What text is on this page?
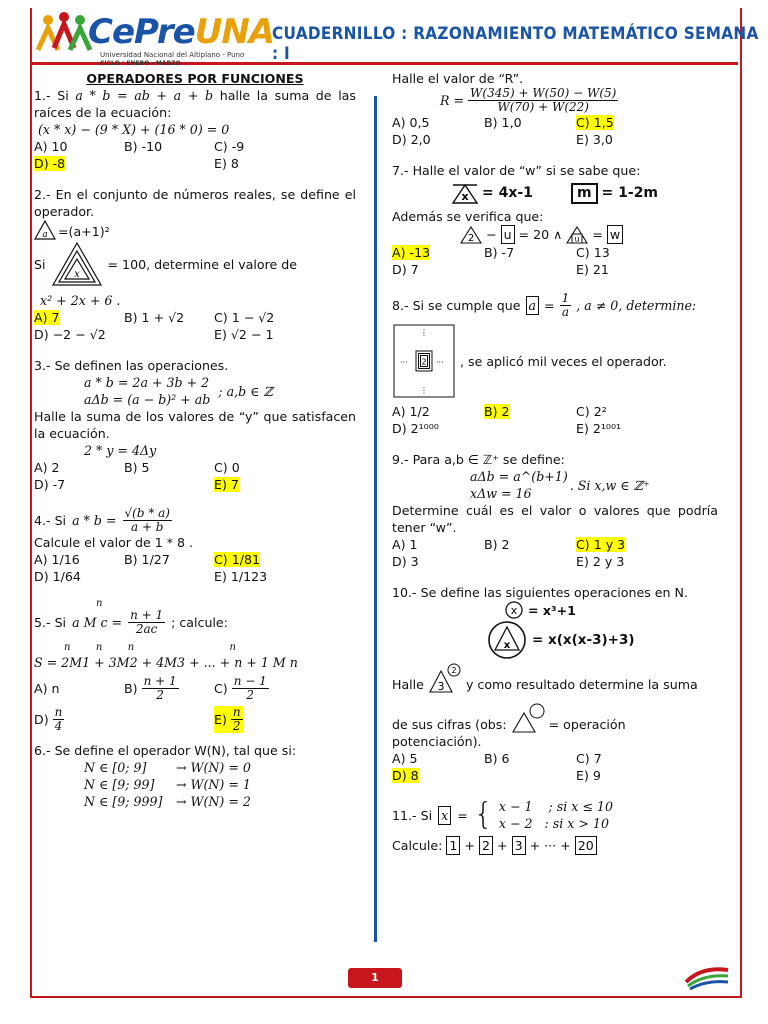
CePreUNA
Universidad Nacional del Altiplano - Puno
CICLO : ENERO - MARZO
CUADERNILLO : RAZONAMIENTO MATEMÁTICO SEMANA : I

OPERADORES POR FUNCIONES

1.- Si a * b = ab + a + b halle la suma de las raíces de la ecuación:

(x * x) − (9 * X) + (16 * 0) = 0

A) 10	B) -10	C) -9
D) -8	E) 8

2.- En el conjunto de números reales, se define el operador.

a =(a+1)²

Si
x
= 100, determine el valore de

x² + 2x + 6 .

A) 7	B) 1 + √2	C) 1 − √2
D) −2 − √2	E) √2 − 1

3.- Se definen las operaciones.

a * b = 2a + 3b + 2

aΔb = (a − b)² + ab

; a,b ∈ ℤ

Halle la suma de los valores de “y” que satisfacen la ecuación.

2 * y = 4Δy

A) 2	B) 5	C) 0
D) -7	E) 7

4.- Si $a * b = \frac{√(b * a)}{a + b}$

Calcule el valor de 1 * 8 .

A) 1/16	B) 1/27	C) 1/81
D) 1/64	E) 1/123

n

5.- Si a M $c = \frac{n + 1}{2ac}$ ; calcule:

n        n        n                              n

S = 2M1 + 3M2 + 4M3 + ... + n + 1 M n

A) n	$B) \frac{n + 1}{2}$	$C) \frac{n - 1}{2}$
$D) \frac{n}{4}$	$E) \frac{n}{2}$

6.- Se define el operador W(N), tal que si:

N ∈ [0; 9]	→ W(N) = 0

N ∈ [9; 99]	→ W(N) = 1

N ∈ [9; 999]	→ W(N) = 2

Halle el valor de “R”.

$R = \frac{W(345) + W(50) - W(5)}{W(70) + W(22)}$

A) 0,5	B) 1,0	C) 1,5
D) 2,0	E) 3,0

7.- Halle el valor de “w” si se sabe que:

x = 4x-1	m = 1-2m

Además se verifica que:

2 − u = 20 ∧ u = w

A) -13	B) -7	C) 13
D) 7	E) 21

8.- Si se cumple que $a = \frac{1}{a}$ , a ≠ 0, determine:

⋮
⋮
···	···
2	, se aplicó mil veces el operador.
A) 1/2	B) 2	C) 2²
D) 2¹⁰⁰⁰	E) 2¹⁰⁰¹

9.- Para a,b ∈ ℤ⁺ se define:

aΔb = a^(b+1)

xΔw = 16

. Si x,w ∈ ℤ⁺

Determine cuál es el valor o valores que podría tener “w”.

A) 1	B) 2	C) 1 y 3
D) 3	E) 2 y 3

10.- Se define las siguientes operaciones en N.

x = x³+1

x = x(x(x-3)+3)

Halle 3
2
y como resultado determine la suma

de sus cifras (obs:	= operación

potenciación).

A) 5	B) 6	C) 7
D) 8	E) 9
11.- Si x = { x − 1    ; si x ≤ 10

x − 2   : si x > 10

Calcule: 1 + 2 + 3 + ··· + 20

1
